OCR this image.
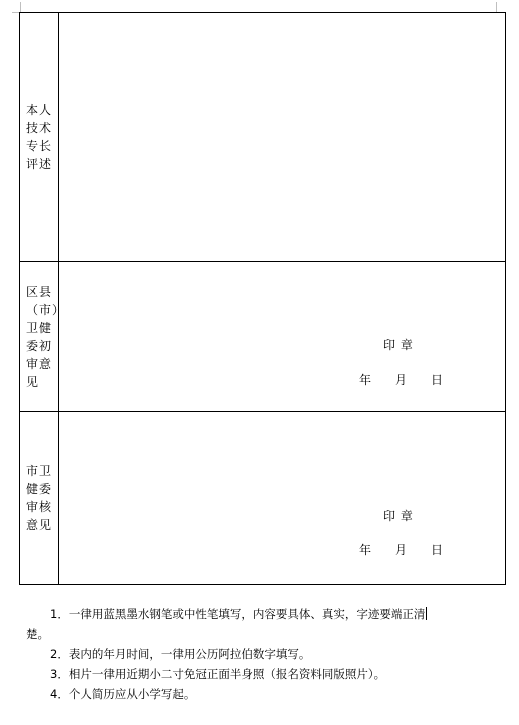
本人技术专长评述	
区县（市）卫健委初审意见	印 章
年　　月　　日

市卫健委审核意见	印 章
年　　月　　日

1．一律用蓝黑墨水钢笔或中性笔填写，内容要具体、真实，字迹要端正清

楚。

2．表内的年月时间，一律用公历阿拉伯数字填写。

3．相片一律用近期小二寸免冠正面半身照（报名资料同版照片）。

4．个人简历应从小学写起。
